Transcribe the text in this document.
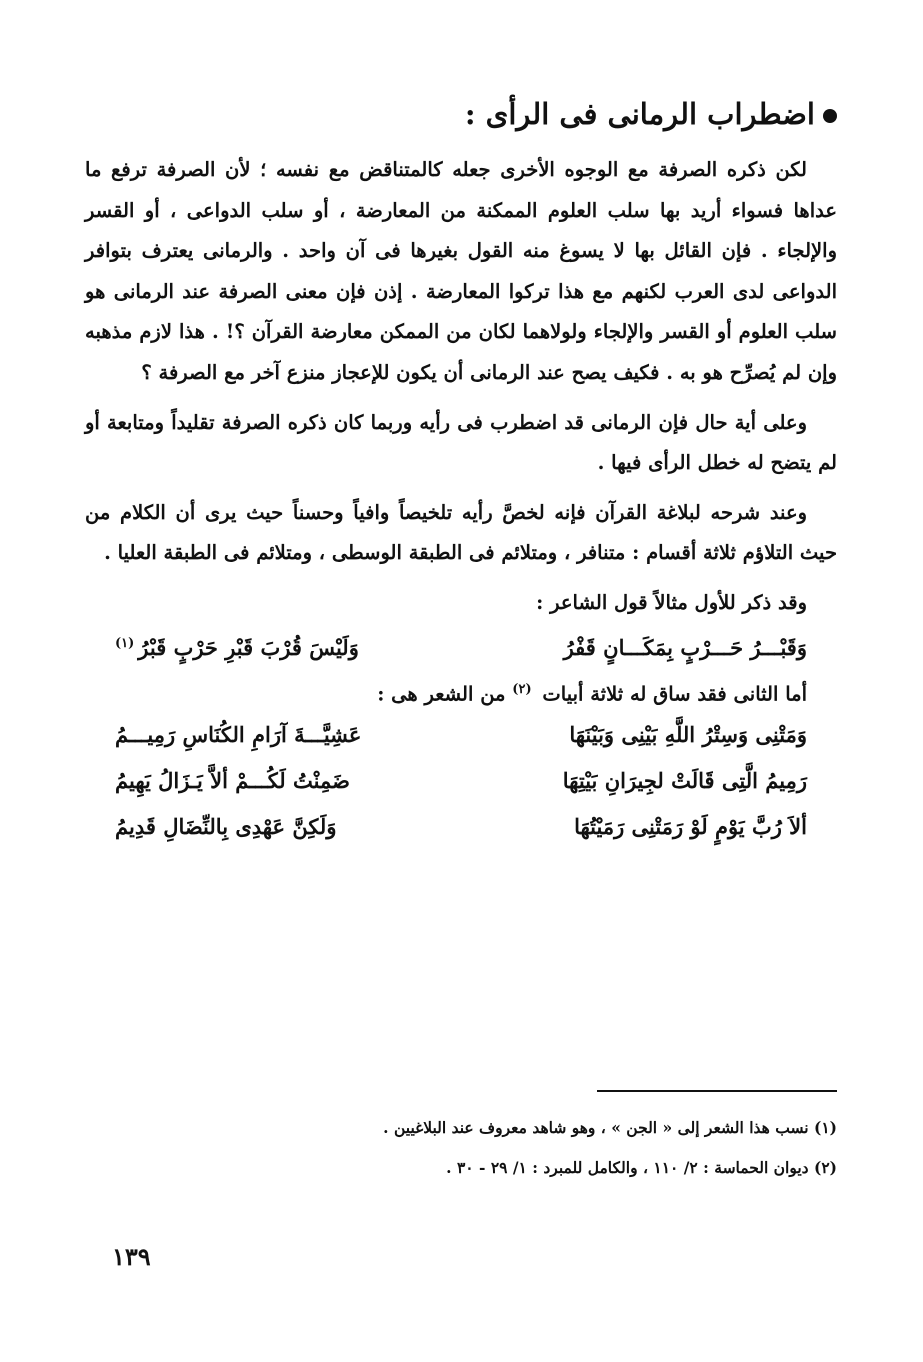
اضطراب الرمانى فى الرأى :

لكن ذكره الصرفة مع الوجوه الأخرى جعله كالمتناقض مع نفسه ؛ لأن الصرفة ترفع ما عداها فسواء أريد بها سلب العلوم الممكنة من المعارضة ، أو سلب الدواعى ، أو القسر والإلجاء . فإن القائل بها لا يسوغ منه القول بغيرها فى آن واحد . والرمانى يعترف بتوافر الدواعى لدى العرب لكنهم مع هذا تركوا المعارضة . إذن فإن معنى الصرفة عند الرمانى هو سلب العلوم أو القسر والإلجاء ولولاهما لكان من الممكن معارضة القرآن ؟! . هذا لازم مذهبه وإن لم يُصرِّح هو به . فكيف يصح عند الرمانى أن يكون للإعجاز منزع آخر مع الصرفة ؟

وعلى أية حال فإن الرمانى قد اضطرب فى رأيه وربما كان ذكره الصرفة تقليداً ومتابعة أو لم يتضح له خطل الرأى فيها .

وعند شرحه لبلاغة القرآن فإنه لخصَّ رأيه تلخيصاً وافياً وحسناً حيث يرى أن الكلام من حيث التلاؤم ثلاثة أقسام : متنافر ، ومتلائم فى الطبقة الوسطى ، ومتلائم فى الطبقة العليا .

وقد ذكر للأول مثالاً قول الشاعر :

وَقَبْـــرُ حَـــرْبٍ بِمَكَـــانٍ قَفْرُ
وَلَيْسَ قُرْبَ قَبْرِ حَرْبٍ قَبْرُ$^{(١)}$

أما الثانى فقد ساق له ثلاثة أبيات $^{(٢)}$ من الشعر هى :

وَمَتْنِى وَسِتْرُ اللَّهِ بَيْنِى وَبَيْنَهَا
عَشِيَّـــةَ آرَامِ الكُنَاسِ رَمِيـــمُ
رَمِيمُ الَّتِى قَالَتْ لجِيرَانِ بَيْتِهَا
ضَمِنْتُ لَكُـــمْ ألاَّ يَـزَالُ يَهِيمُ
ألاَ رُبَّ يَوْمٍ لَوْ رَمَتْنِى رَمَيْتُهَا
وَلَكِنَّ عَهْدِى بِالنِّضَالِ قَدِيمُ

(١) نسب هذا الشعر إلى « الجن » ، وهو شاهد معروف عند البلاغيين .

(٢) ديوان الحماسة : ٢/ ١١٠ ، والكامل للمبرد : ١/ ٢٩ - ٣٠ .

١٣٩
